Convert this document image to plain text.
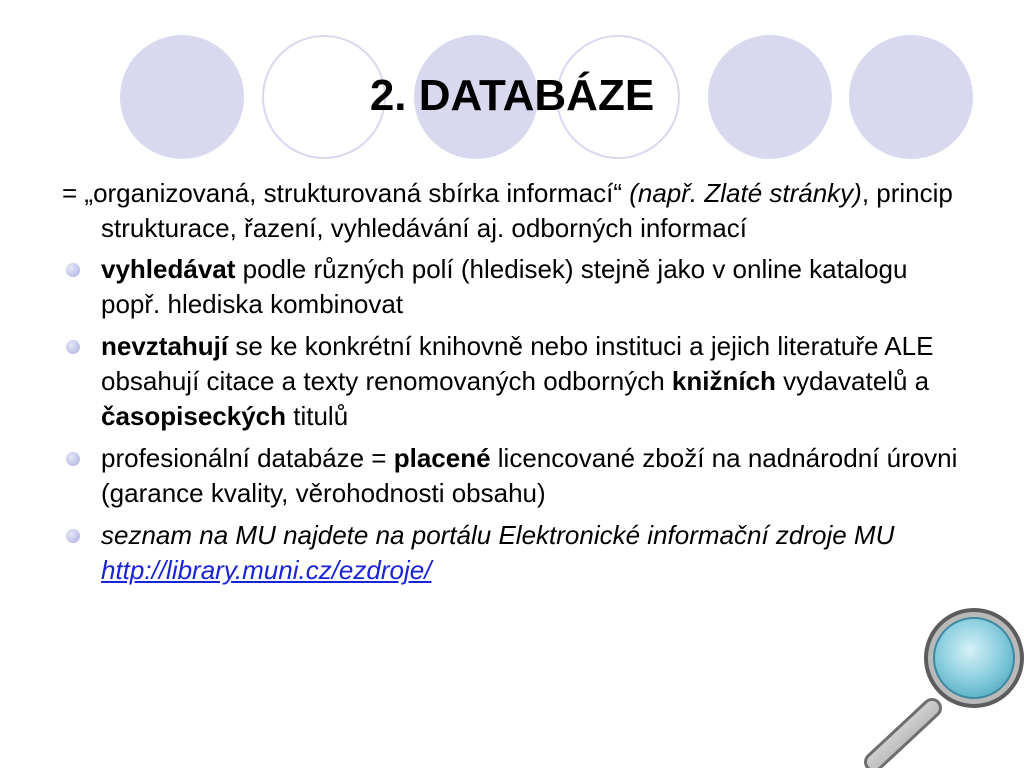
2. DATABÁZE

= „organizovaná, strukturovaná sbírka informací“ (např. Zlaté stránky), princip strukturace, řazení, vyhledávání aj. odborných informací

vyhledávat podle různých polí (hledisek) stejně jako v online katalogu popř. hlediska kombinovat
nevztahují se ke konkrétní knihovně nebo instituci a jejich literatuře ALE obsahují citace a texty renomovaných odborných knižních vydavatelů a časopiseckých titulů
profesionální databáze = placené licencované zboží na nadnárodní úrovni (garance kvality, věrohodnosti obsahu)
seznam na MU najdete na portálu Elektronické informační zdroje MU http://library.muni.cz/ezdroje/
